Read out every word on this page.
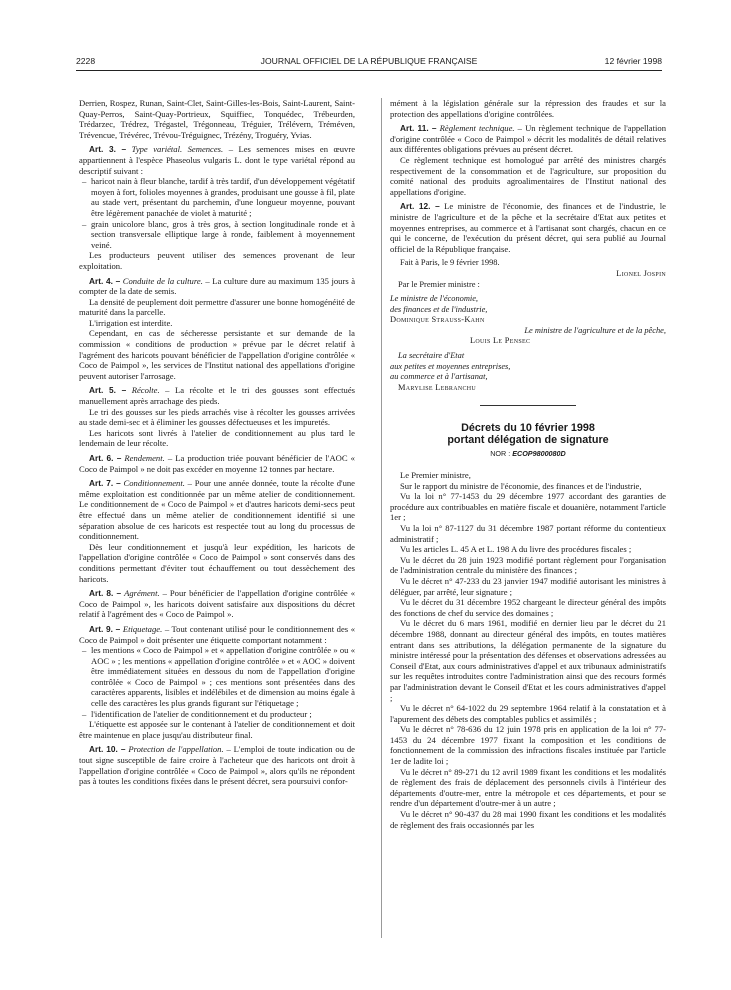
2228	JOURNAL OFFICIEL DE LA RÉPUBLIQUE FRANÇAISE	12 février 1998

Derrien, Rospez, Runan, Saint-Clet, Saint-Gilles-les-Bois, Saint-Laurent, Saint-Quay-Perros, Saint-Quay-Portrieux, Squiffiec, Tonquédec, Trébeurden, Trédarzec, Trédrez, Trégastel, Trégonneau, Tréguier, Trélévern, Tréméven, Trévencue, Trévérec, Trévou-Tréguignec, Trézény, Troguéry, Yvias.

Art. 3. – Type variétal. Semences. – Les semences mises en œuvre appartiennent à l'espèce Phaseolus vulgaris L. dont le type variétal répond au descriptif suivant :

– haricot nain à fleur blanche, tardif à très tardif, d'un développement végétatif moyen à fort, folioles moyennes à grandes, produisant une gousse à fil, plate au stade vert, présentant du parchemin, d'une longueur moyenne, pouvant être légèrement panachée de violet à maturité ;
– grain unicolore blanc, gros à très gros, à section longitudinale ronde et à section transversale elliptique large à ronde, faiblement à moyennement veiné.

Les producteurs peuvent utiliser des semences provenant de leur exploitation.

Art. 4. – Conduite de la culture. – La culture dure au maximum 135 jours à compter de la date de semis.

La densité de peuplement doit permettre d'assurer une bonne homogénéité de maturité dans la parcelle.

L'irrigation est interdite.

Cependant, en cas de sécheresse persistante et sur demande de la commission « conditions de production » prévue par le décret relatif à l'agrément des haricots pouvant bénéficier de l'appellation d'origine contrôlée « Coco de Paimpol », les services de l'Institut national des appellations d'origine peuvent autoriser l'arrosage.

Art. 5. – Récolte. – La récolte et le tri des gousses sont effectués manuellement après arrachage des pieds.

Le tri des gousses sur les pieds arrachés vise à récolter les gousses arrivées au stade demi-sec et à éliminer les gousses défectueuses et les impuretés.

Les haricots sont livrés à l'atelier de conditionnement au plus tard le lendemain de leur récolte.

Art. 6. – Rendement. – La production triée pouvant bénéficier de l'AOC « Coco de Paimpol » ne doit pas excéder en moyenne 12 tonnes par hectare.

Art. 7. – Conditionnement. – Pour une année donnée, toute la récolte d'une même exploitation est conditionnée par un même atelier de conditionnement. Le conditionnement de « Coco de Paimpol » et d'autres haricots demi-secs peut être effectué dans un même atelier de conditionnement identifié si une séparation absolue de ces haricots est respectée tout au long du processus de conditionnement.

Dès leur conditionnement et jusqu'à leur expédition, les haricots de l'appellation d'origine contrôlée « Coco de Paimpol » sont conservés dans des conditions permettant d'éviter tout échauffement ou tout dessèchement des haricots.

Art. 8. – Agrément. – Pour bénéficier de l'appellation d'origine contrôlée « Coco de Paimpol », les haricots doivent satisfaire aux dispositions du décret relatif à l'agrément des « Coco de Paimpol ».

Art. 9. – Etiquetage. – Tout contenant utilisé pour le conditionnement des « Coco de Paimpol » doit présenter une étiquette comportant notamment :

– les mentions « Coco de Paimpol » et « appellation d'origine contrôlée » ou « AOC » ; les mentions « appellation d'origine contrôlée » et « AOC » doivent être immédiatement situées en dessous du nom de l'appellation d'origine contrôlée « Coco de Paimpol » ; ces mentions sont présentées dans des caractères apparents, lisibles et indélébiles et de dimension au moins égale à celle des caractères les plus grands figurant sur l'étiquetage ;
– l'identification de l'atelier de conditionnement et du producteur ;

L'étiquette est apposée sur le contenant à l'atelier de conditionnement et doit être maintenue en place jusqu'au distributeur final.

Art. 10. – Protection de l'appellation. – L'emploi de toute indication ou de tout signe susceptible de faire croire à l'acheteur que des haricots ont droit à l'appellation d'origine contrôlée « Coco de Paimpol », alors qu'ils ne répondent pas à toutes les conditions fixées dans le présent décret, sera poursuivi confor-

mément à la législation générale sur la répression des fraudes et sur la protection des appellations d'origine contrôlées.

Art. 11. – Règlement technique. – Un règlement technique de l'appellation d'origine contrôlée « Coco de Paimpol » décrit les modalités de détail relatives aux différentes obligations prévues au présent décret.

Ce règlement technique est homologué par arrêté des ministres chargés respectivement de la consommation et de l'agriculture, sur proposition du comité national des produits agroalimentaires de l'Institut national des appellations d'origine.

Art. 12. – Le ministre de l'économie, des finances et de l'industrie, le ministre de l'agriculture et de la pêche et la secrétaire d'Etat aux petites et moyennes entreprises, au commerce et à l'artisanat sont chargés, chacun en ce qui le concerne, de l'exécution du présent décret, qui sera publié au Journal officiel de la République française.

Fait à Paris, le 9 février 1998.

Lionel Jospin
Par le Premier ministre :
Le ministre de l'économie,
des finances et de l'industrie,
Dominique Strauss-Kahn
Le ministre de l'agriculture et de la pêche,
Louis Le Pensec
La secrétaire d'Etat
aux petites et moyennes entreprises,
au commerce et à l'artisanat,
Marylise Lebranchu
Décrets du 10 février 1998
portant délégation de signature
NOR : ECOP9800080D

Le Premier ministre,

Sur le rapport du ministre de l'économie, des finances et de l'industrie,

Vu la loi n° 77-1453 du 29 décembre 1977 accordant des garanties de procédure aux contribuables en matière fiscale et douanière, notamment l'article 1er ;

Vu la loi n° 87-1127 du 31 décembre 1987 portant réforme du contentieux administratif ;

Vu les articles L. 45 A et L. 198 A du livre des procédures fiscales ;

Vu le décret du 28 juin 1923 modifié portant règlement pour l'organisation de l'administration centrale du ministère des finances ;

Vu le décret n° 47-233 du 23 janvier 1947 modifié autorisant les ministres à déléguer, par arrêté, leur signature ;

Vu le décret du 31 décembre 1952 chargeant le directeur général des impôts des fonctions de chef du service des domaines ;

Vu le décret du 6 mars 1961, modifié en dernier lieu par le décret du 21 décembre 1988, donnant au directeur général des impôts, en toutes matières entrant dans ses attributions, la délégation permanente de la signature du ministre intéressé pour la présentation des défenses et observations adressées au Conseil d'Etat, aux cours administratives d'appel et aux tribunaux administratifs sur les requêtes introduites contre l'administration ainsi que des recours formés par l'administration devant le Conseil d'Etat et les cours administratives d'appel ;

Vu le décret n° 64-1022 du 29 septembre 1964 relatif à la constatation et à l'apurement des débets des comptables publics et assimilés ;

Vu le décret n° 78-636 du 12 juin 1978 pris en application de la loi n° 77-1453 du 24 décembre 1977 fixant la composition et les conditions de fonctionnement de la commission des infractions fiscales instituée par l'article 1er de ladite loi ;

Vu le décret n° 89-271 du 12 avril 1989 fixant les conditions et les modalités de règlement des frais de déplacement des personnels civils à l'intérieur des départements d'outre-mer, entre la métropole et ces départements, et pour se rendre d'un département d'outre-mer à un autre ;

Vu le décret n° 90-437 du 28 mai 1990 fixant les conditions et les modalités de règlement des frais occasionnés par les
